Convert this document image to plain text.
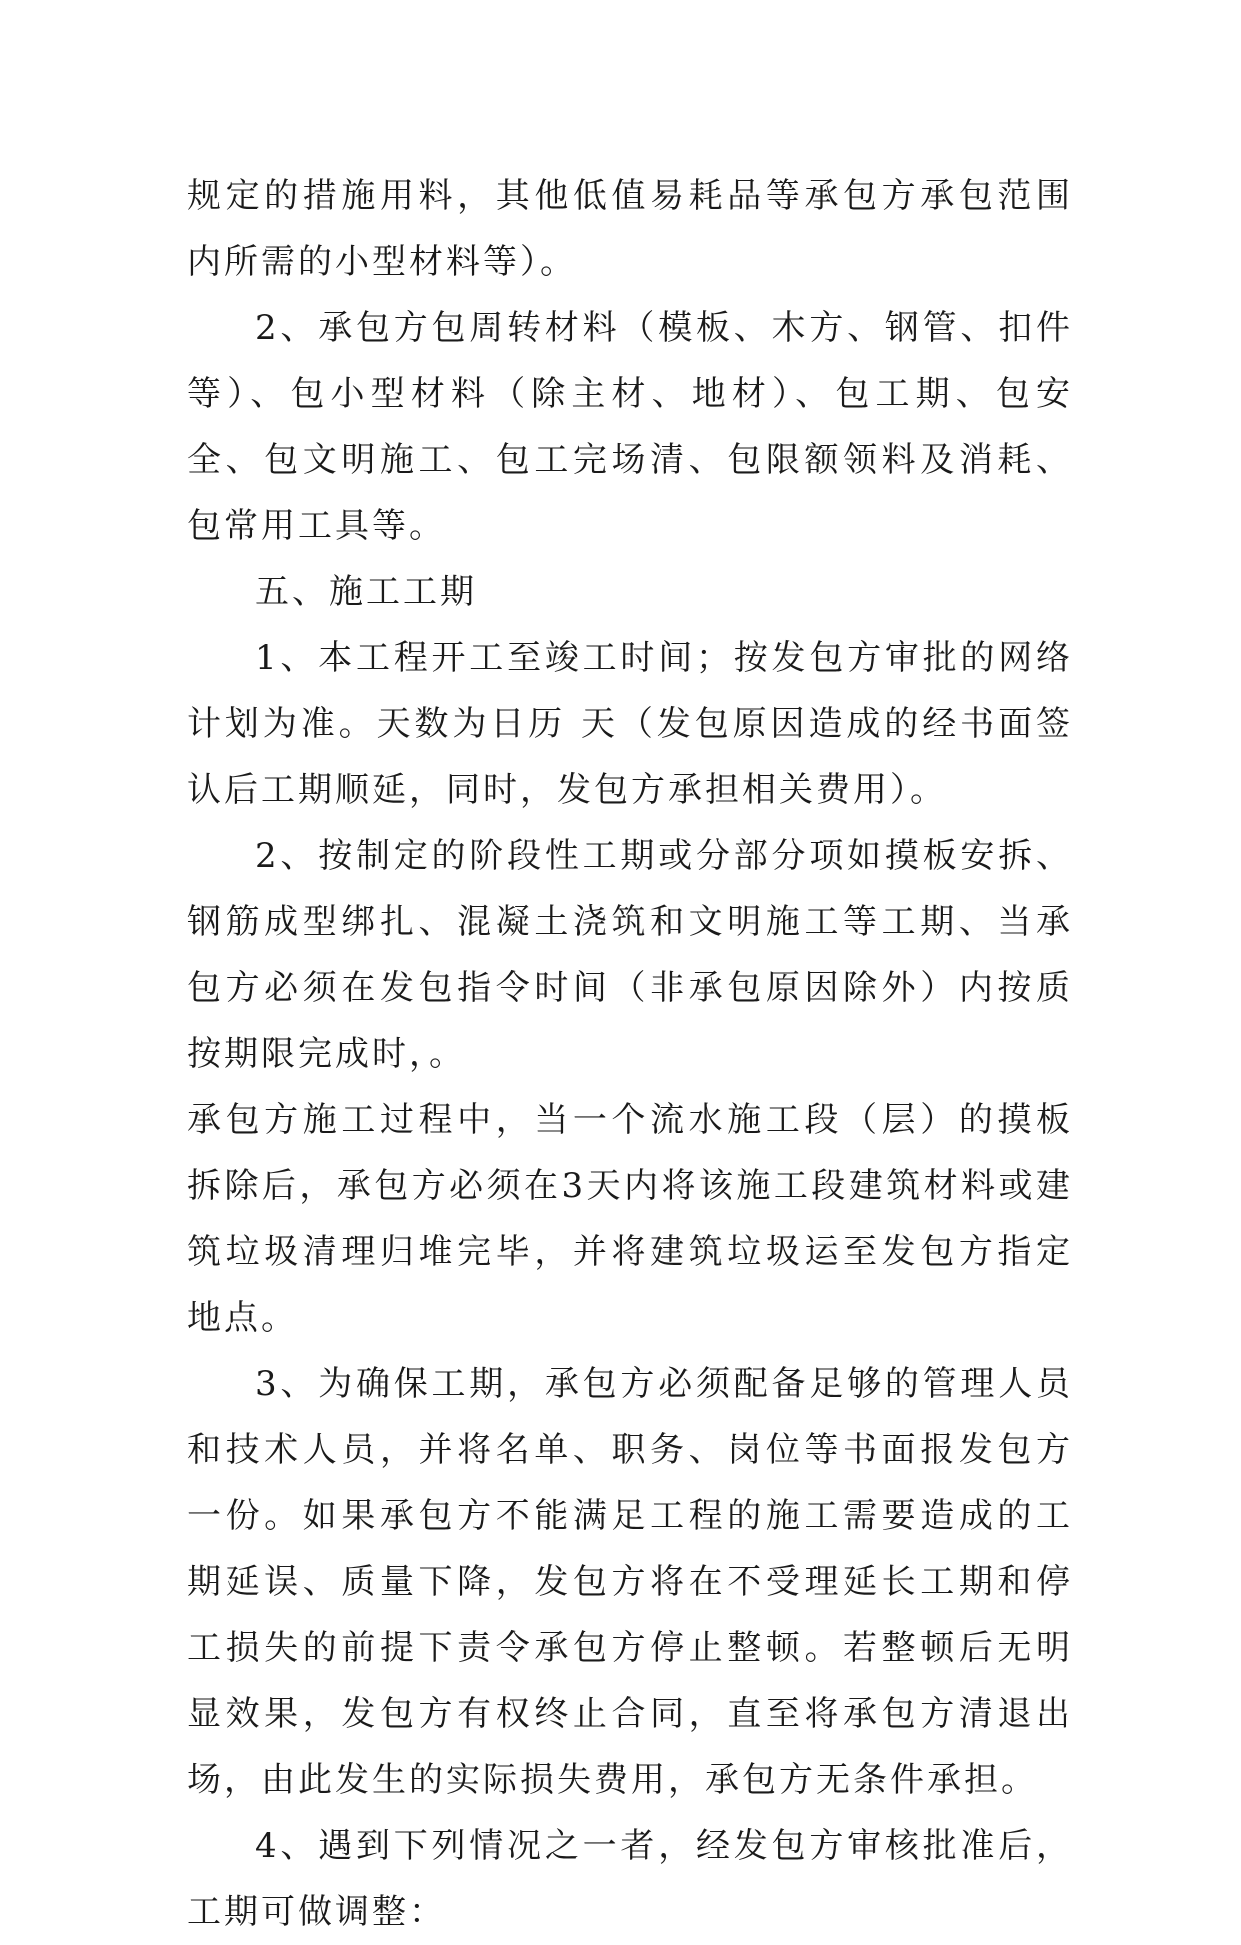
规定的措施用料，其他低值易耗品等承包方承包范围内所需的小型材料等）。

2、承包方包周转材料（模板、木方、钢管、扣件等）、包小型材料（除主材、地材）、包工期、包安全、包文明施工、包工完场清、包限额领料及消耗、包常用工具等。

五、施工工期

1、本工程开工至竣工时间；按发包方审批的网络计划为准。天数为日历 天（发包原因造成的经书面签认后工期顺延，同时，发包方承担相关费用）。

2、按制定的阶段性工期或分部分项如摸板安拆、钢筋成型绑扎、混凝土浇筑和文明施工等工期、当承包方必须在发包指令时间（非承包原因除外）内按质按期限完成时，。

承包方施工过程中，当一个流水施工段（层）的摸板拆除后，承包方必须在3天内将该施工段建筑材料或建筑垃圾清理归堆完毕，并将建筑垃圾运至发包方指定地点。

3、为确保工期，承包方必须配备足够的管理人员和技术人员，并将名单、职务、岗位等书面报发包方一份。如果承包方不能满足工程的施工需要造成的工期延误、质量下降，发包方将在不受理延长工期和停工损失的前提下责令承包方停止整顿。若整顿后无明显效果，发包方有权终止合同，直至将承包方清退出场，由此发生的实际损失费用，承包方无条件承担。

4、遇到下列情况之一者，经发包方审核批准后，工期可做调整：
